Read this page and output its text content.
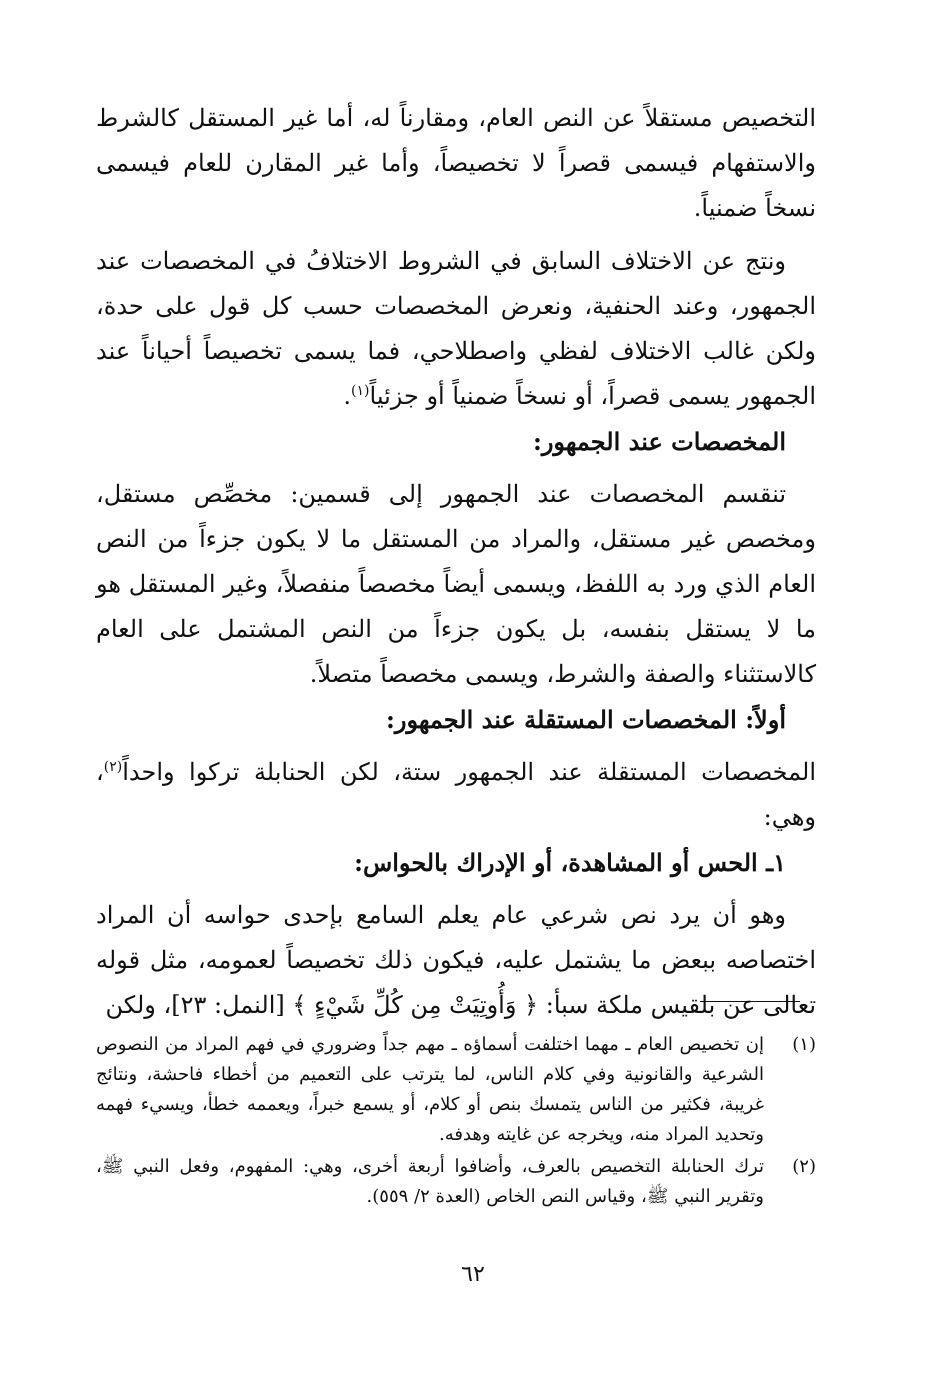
التخصيص مستقلاً عن النص العام، ومقارناً له، أما غير المستقل كالشرط والاستفهام فيسمى قصراً لا تخصيصاً، وأما غير المقارن للعام فيسمى نسخاً ضمنياً.

ونتج عن الاختلاف السابق في الشروط الاختلافُ في المخصصات عند الجمهور، وعند الحنفية، ونعرض المخصصات حسب كل قول على حدة، ولكن غالب الاختلاف لفظي واصطلاحي، فما يسمى تخصيصاً أحياناً عند الجمهور يسمى قصراً، أو نسخاً ضمنياً أو جزئياً$^{(١)}$.

المخصصات عند الجمهور:

تنقسم المخصصات عند الجمهور إلى قسمين: مخصِّص مستقل، ومخصص غير مستقل، والمراد من المستقل ما لا يكون جزءاً من النص العام الذي ورد به اللفظ، ويسمى أيضاً مخصصاً منفصلاً، وغير المستقل هو ما لا يستقل بنفسه، بل يكون جزءاً من النص المشتمل على العام كالاستثناء والصفة والشرط، ويسمى مخصصاً متصلاً.

أولاً: المخصصات المستقلة عند الجمهور:

المخصصات المستقلة عند الجمهور ستة، لكن الحنابلة تركوا واحداً$^{(٢)}$، وهي:

١ـ الحس أو المشاهدة، أو الإدراك بالحواس:

وهو أن يرد نص شرعي عام يعلم السامع بإحدى حواسه أن المراد اختصاصه ببعض ما يشتمل عليه، فيكون ذلك تخصيصاً لعمومه، مثل قوله تعالى عن بلقيس ملكة سبأ: ﴿ وَأُوتِيَتْ مِن كُلِّ شَيْءٍ ﴾ [النمل: ٢٣]، ولكن

(١)
إن تخصيص العام ـ مهما اختلفت أسماؤه ـ مهم جداً وضروري في فهم المراد من النصوص الشرعية والقانونية وفي كلام الناس، لما يترتب على التعميم من أخطاء فاحشة، ونتائج غريبة، فكثير من الناس يتمسك بنص أو كلام، أو يسمع خبراً، ويعممه خطأ، ويسيء فهمه وتحديد المراد منه، ويخرجه عن غايته وهدفه.
(٢)
ترك الحنابلة التخصيص بالعرف، وأضافوا أربعة أخرى، وهي: المفهوم، وفعل النبي ﷺ، وتقرير النبي ﷺ، وقياس النص الخاص (العدة ٢/ ٥٥٩).
٦٢
